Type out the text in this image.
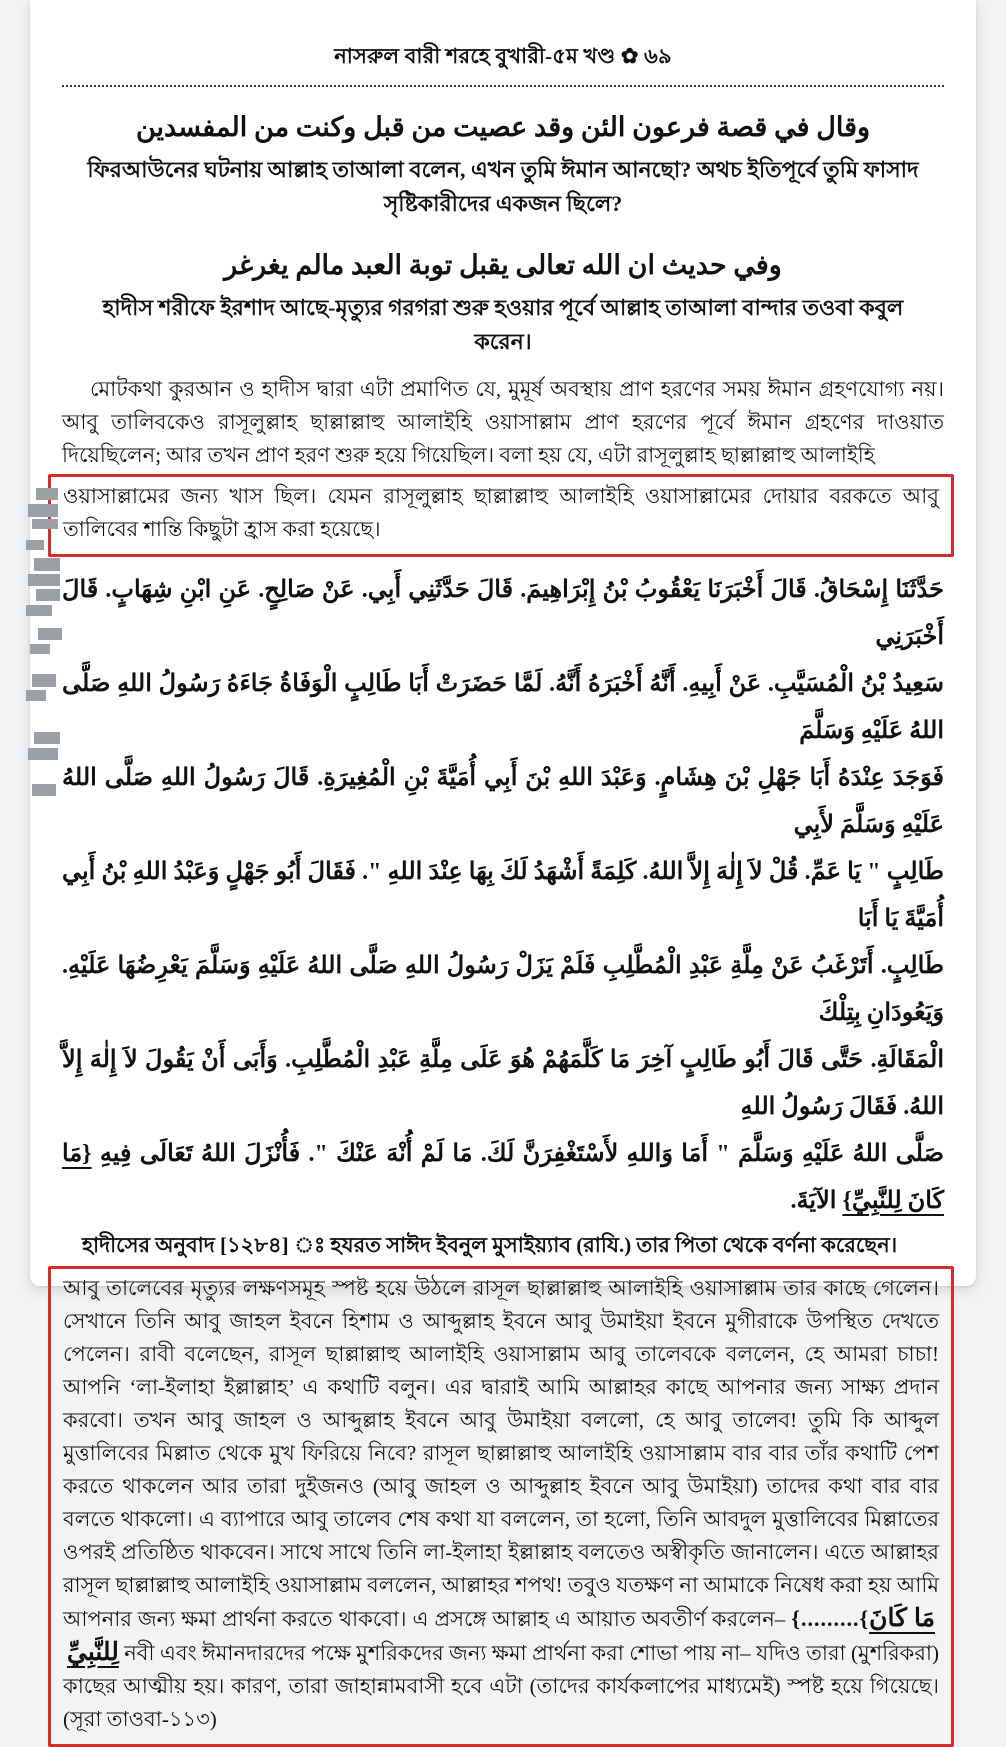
নাসরুল বারী শরহে বুখারী-৫ম খণ্ড ✿ ৬৯
وقال في قصة فرعون الئن وقد عصيت من قبل وكنت من المفسدين
ফিরআউনের ঘটনায় আল্লাহ তাআলা বলেন, এখন তুমি ঈমান আনছো? অথচ ইতিপূর্বে তুমি ফাসাদ সৃষ্টিকারীদের একজন ছিলে?
وفي حديث ان الله تعالى يقبل توبة العبد مالم يغرغر
হাদীস শরীফে ইরশাদ আছে-মৃত্যুর গরগরা শুরু হওয়ার পূর্বে আল্লাহ তাআলা বান্দার তওবা কবুল করেন।

মোটকথা কুরআন ও হাদীস দ্বারা এটা প্রমাণিত যে, মুমূর্ষ অবস্থায় প্রাণ হরণের সময় ঈমান গ্রহণযোগ্য নয়। আবু তালিবকেও রাসূলুল্লাহ ছাল্লাল্লাহু আলাইহি ওয়াসাল্লাম প্রাণ হরণের পূর্বে ঈমান গ্রহণের দাওয়াত দিয়েছিলেন; আর তখন প্রাণ হরণ শুরু হয়ে গিয়েছিল। বলা হয় যে, এটা রাসূলুল্লাহ ছাল্লাল্লাহু আলাইহি

ওয়াসাল্লামের জন্য খাস ছিল। যেমন রাসূলুল্লাহ ছাল্লাল্লাহু আলাইহি ওয়াসাল্লামের দোয়ার বরকতে আবু তালিবের শান্তি কিছুটা হ্রাস করা হয়েছে।

حَدَّثَنَا إِسْحَاقُ. قَالَ أَخْبَرَنَا يَعْقُوبُ بْنُ إِبْرَاهِيمَ. قَالَ حَدَّثَنِي أَبِي. عَنْ صَالِحٍ. عَنِ ابْنِ شِهَابٍ. قَالَ أَخْبَرَنِي
سَعِيدُ بْنُ الْمُسَيَّبِ. عَنْ أَبِيهِ. أَنَّهُ أَخْبَرَهُ أَنَّهُ. لَمَّا حَضَرَتْ أَبَا طَالِبٍ الْوَفَاةُ جَاءَهُ رَسُولُ اللهِ صَلَّى اللهُ عَلَيْهِ وَسَلَّمَ
فَوَجَدَ عِنْدَهُ أَبَا جَهْلِ بْنَ هِشَامٍ. وَعَبْدَ اللهِ بْنَ أَبِي أُمَيَّةَ بْنِ الْمُغِيرَةِ. قَالَ رَسُولُ اللهِ صَلَّى اللهُ عَلَيْهِ وَسَلَّمَ لأَبِي
طَالِبٍ " يَا عَمِّ. قُلْ لاَ إِلٰهَ إِلاَّ اللهُ. كَلِمَةً أَشْهَدُ لَكَ بِهَا عِنْدَ اللهِ ". فَقَالَ أَبُو جَهْلٍ وَعَبْدُ اللهِ بْنُ أَبِي أُمَيَّةَ يَا أَبَا
طَالِبٍ. أَتَرْغَبُ عَنْ مِلَّةِ عَبْدِ الْمُطَّلِبِ فَلَمْ يَزَلْ رَسُولُ اللهِ صَلَّى اللهُ عَلَيْهِ وَسَلَّمَ يَعْرِضُهَا عَلَيْهِ. وَيَعُودَانِ بِتِلْكَ
الْمَقَالَةِ. حَتَّى قَالَ أَبُو طَالِبٍ آخِرَ مَا كَلَّمَهُمْ هُوَ عَلَى مِلَّةِ عَبْدِ الْمُطَّلِبِ. وَأَبَى أَنْ يَقُولَ لاَ إِلٰهَ إِلاَّ اللهُ. فَقَالَ رَسُولُ اللهِ
صَلَّى اللهُ عَلَيْهِ وَسَلَّمَ " أَمَا وَاللهِ لأَسْتَغْفِرَنَّ لَكَ. مَا لَمْ أُنْهَ عَنْكَ ". فَأُنْزَلَ اللهُ تَعَالَى فِيهِ {مَا كَانَ لِلنَّبِيِّ} الآيَةَ.

হাদীসের অনুবাদ [১২৮৪] ঃ হযরত সাঈদ ইবনুল মুসাইয়্যাব (রাযি.) তার পিতা থেকে বর্ণনা করেছেন।

আবু তালেবের মৃত্যুর লক্ষণসমূহ স্পষ্ট হয়ে উঠলে রাসূল ছাল্লাল্লাহু আলাইহি ওয়াসাল্লাম তার কাছে গেলেন। সেখানে তিনি আবু জাহল ইবনে হিশাম ও আব্দুল্লাহ ইবনে আবু উমাইয়া ইবনে মুগীরাকে উপস্থিত দেখতে পেলেন। রাবী বলেছেন, রাসূল ছাল্লাল্লাহু আলাইহি ওয়াসাল্লাম আবু তালেবকে বললেন, হে আমরা চাচা! আপনি ‘লা-ইলাহা ইল্লাল্লাহ’ এ কথাটি বলুন। এর দ্বারাই আমি আল্লাহর কাছে আপনার জন্য সাক্ষ্য প্রদান করবো। তখন আবু জাহল ও আব্দুল্লাহ ইবনে আবু উমাইয়া বললো, হে আবু তালেব! তুমি কি আব্দুল মুত্তালিবের মিল্লাত থেকে মুখ ফিরিয়ে নিবে? রাসূল ছাল্লাল্লাহু আলাইহি ওয়াসাল্লাম বার বার তাঁর কথাটি পেশ করতে থাকলেন আর তারা দুইজনও (আবু জাহল ও আব্দুল্লাহ ইবনে আবু উমাইয়া) তাদের কথা বার বার বলতে থাকলো। এ ব্যাপারে আবু তালেব শেষ কথা যা বললেন, তা হলো, তিনি আবদুল মুত্তালিবের মিল্লাতের ওপরই প্রতিষ্ঠিত থাকবেন। সাথে সাথে তিনি লা-ইলাহা ইল্লাল্লাহ বলতেও অস্বীকৃতি জানালেন। এতে আল্লাহর রাসূল ছাল্লাল্লাহু আলাইহি ওয়াসাল্লাম বললেন, আল্লাহর শপথ! তবুও যতক্ষণ না আমাকে নিষেধ করা হয় আমি আপনার জন্য ক্ষমা প্রার্থনা করতে থাকবো। এ প্রসঙ্গে আল্লাহ এ আয়াত অবতীর্ণ করলেন– {.........{مَا كَانَ لِلنَّبِيِّ নবী এবং ঈমানদারদের পক্ষে মুশরিকদের জন্য ক্ষমা প্রার্থনা করা শোভা পায় না– যদিও তারা (মুশরিকরা) কাছের আত্মীয় হয়। কারণ, তারা জাহান্নামবাসী হবে এটা (তাদের কার্যকলাপের মাধ্যমেই) স্পষ্ট হয়ে গিয়েছে। (সূরা তাওবা-১১৩)
